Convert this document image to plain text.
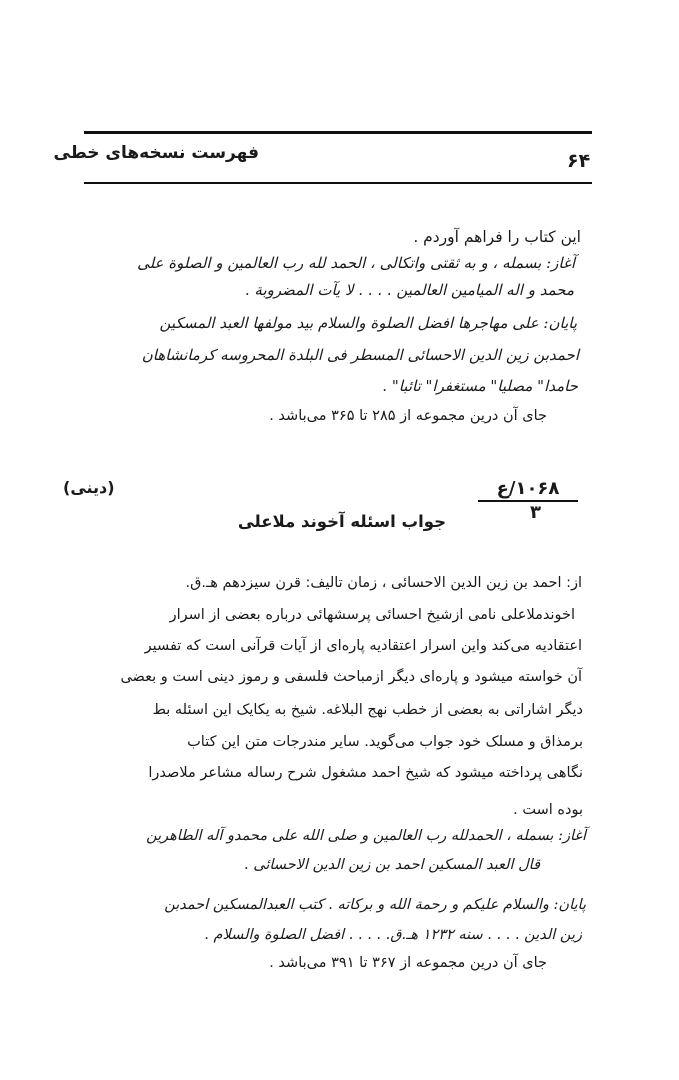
فهرست نسخه‌های خطی	۶۴
این کتاب را فراهم آوردم .
آغاز: بسمله ، و به ثقتی واتکالی ، الحمد لله رب العالمین و الصلوة علی
محمد و اله المیامین العالمین . . . . لا یآت المضروبة .
پایان: علی مهاجرها افضل الصلوة والسلام بید مولفها العبد المسکین
احمدبن زین الدین الاحسائی المسطر فی البلدة المحروسه کرمانشاهان
حامدا" مصلیا" مستغفرا" تائبا" .
جای آن درین مجموعه از ۲۸۵ تا ۳۶۵ می‌باشد .
۱۰۶۸/ع
۳
(دینی)
جواب اسئله آخوند ملاعلی
از: احمد بن زین الدین الاحسائی ، زمان تالیف: قرن سیزدهم هـ.ق.
اخوندملاعلی نامی ازشیخ احسائی پرسشهائی درباره بعضی از اسرار
اعتقادیه می‌کند واین اسرار اعتقادیه پاره‌ای از آیات قرآنی است که تفسیر
آن خواسته میشود و پاره‌ای دیگر ازمباحث فلسفی و رموز دینی است و بعضی
دیگر اشاراتی به بعضی از خطب نهج البلاغه. شیخ به یکایک این اسئله بط
برمذاق و مسلک خود جواب می‌گوید. سایر مندرجات متن این کتاب
نگاهی پرداخته میشود که شیخ احمد مشغول شرح رساله مشاعر ملاصدرا
بوده است .
آغاز: بسمله ، الحمدلله رب العالمین و صلی الله علی محمدو آله الطاهرین
قال العبد المسکین احمد بن زین الدین الاحسائی .
پایان: والسلام علیکم و رحمة الله و برکاته . کتب العبدالمسکین احمدبن
زین الدین . . . . سنه ۱۲۳۲ هـ.ق. . . . . افضل الصلوة والسلام .
جای آن درین مجموعه از ۳۶۷ تا ۳۹۱ می‌باشد .
